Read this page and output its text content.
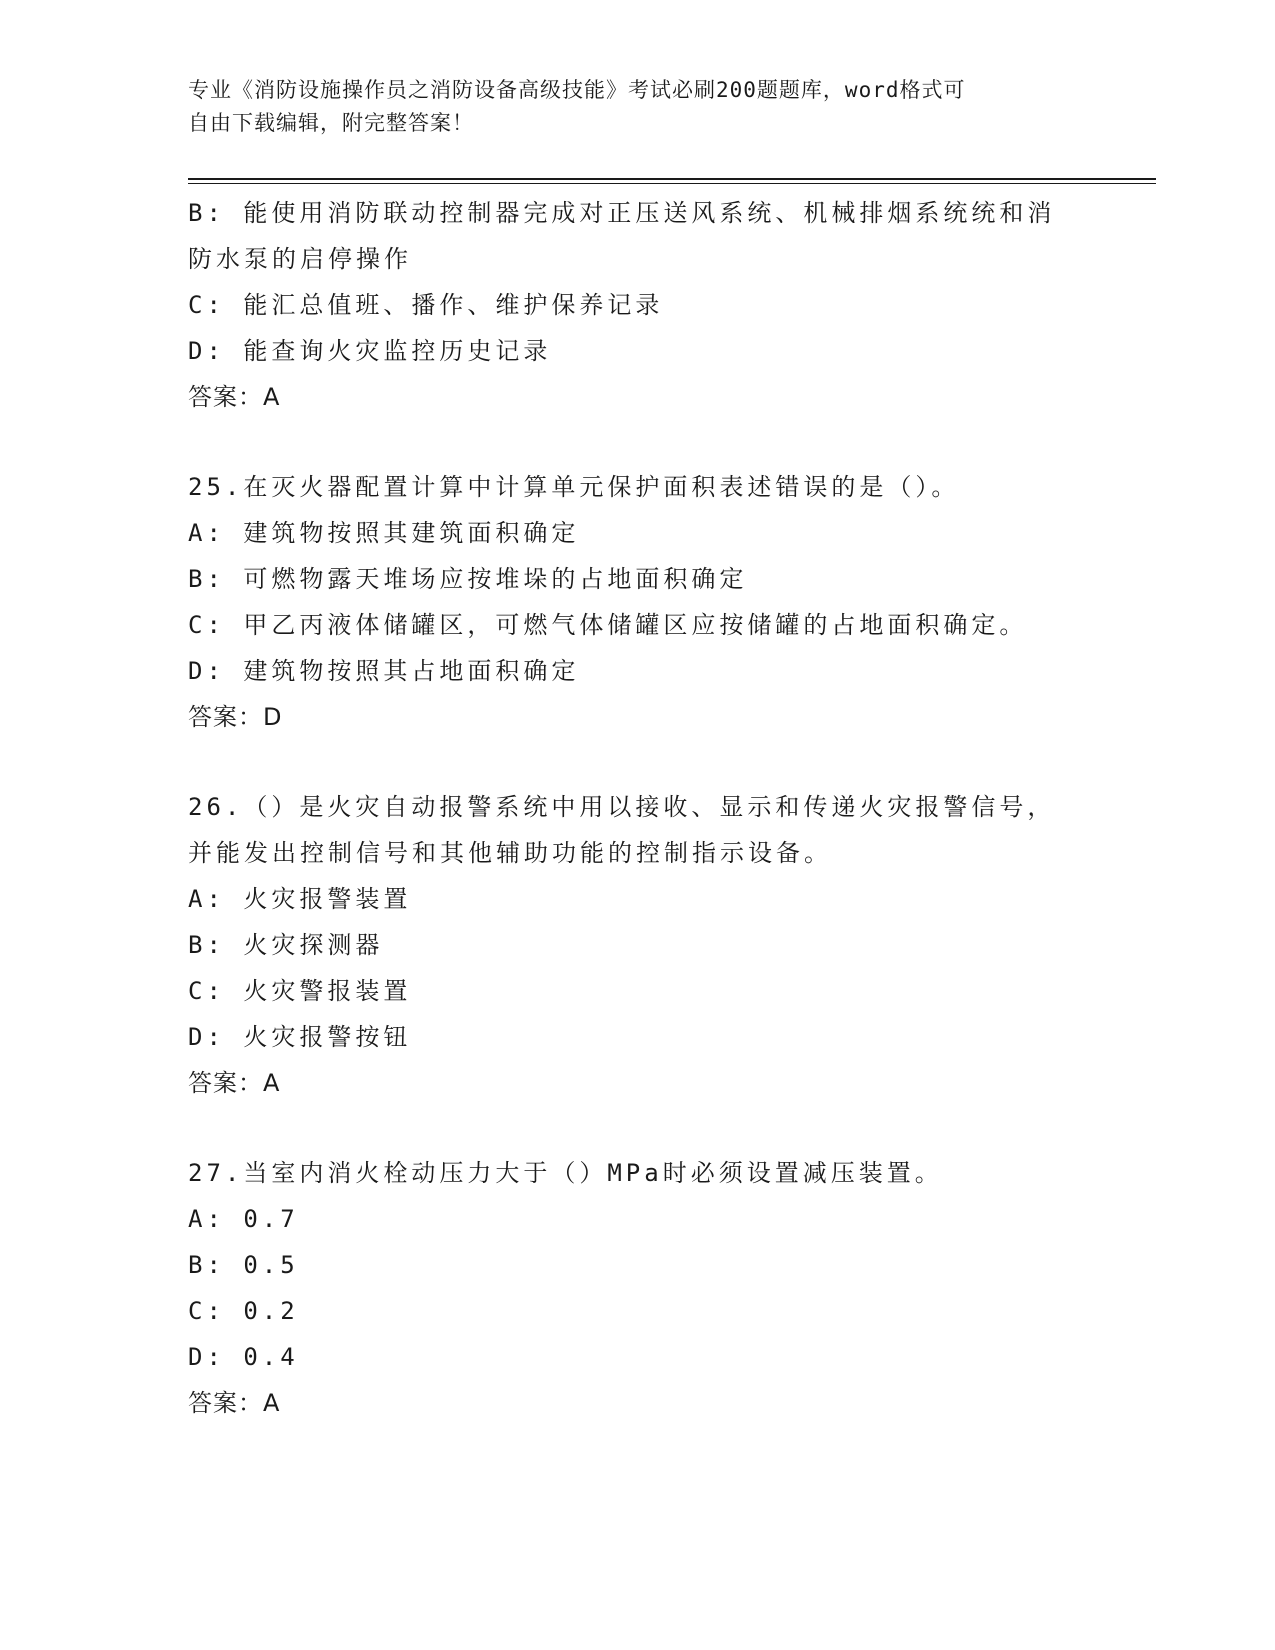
专业《消防设施操作员之消防设备高级技能》考试必刷200题题库，word格式可
自由下载编辑，附完整答案！
B: 能使用消防联动控制器完成对正压送风系统、机械排烟系统统和消
防水泵的启停操作
C: 能汇总值班、播作、维护保养记录
D: 能查询火灾监控历史记录
答案：A
25.在灭火器配置计算中计算单元保护面积表述错误的是（）。
A: 建筑物按照其建筑面积确定
B: 可燃物露天堆场应按堆垛的占地面积确定
C: 甲乙丙液体储罐区，可燃气体储罐区应按储罐的占地面积确定。
D: 建筑物按照其占地面积确定
答案：D
26.（）是火灾自动报警系统中用以接收、显示和传递火灾报警信号，
并能发出控制信号和其他辅助功能的控制指示设备。
A: 火灾报警装置
B: 火灾探测器
C: 火灾警报装置
D: 火灾报警按钮
答案：A
27.当室内消火栓动压力大于（）MPa时必须设置减压装置。
A: 0.7
B: 0.5
C: 0.2
D: 0.4
答案：A
